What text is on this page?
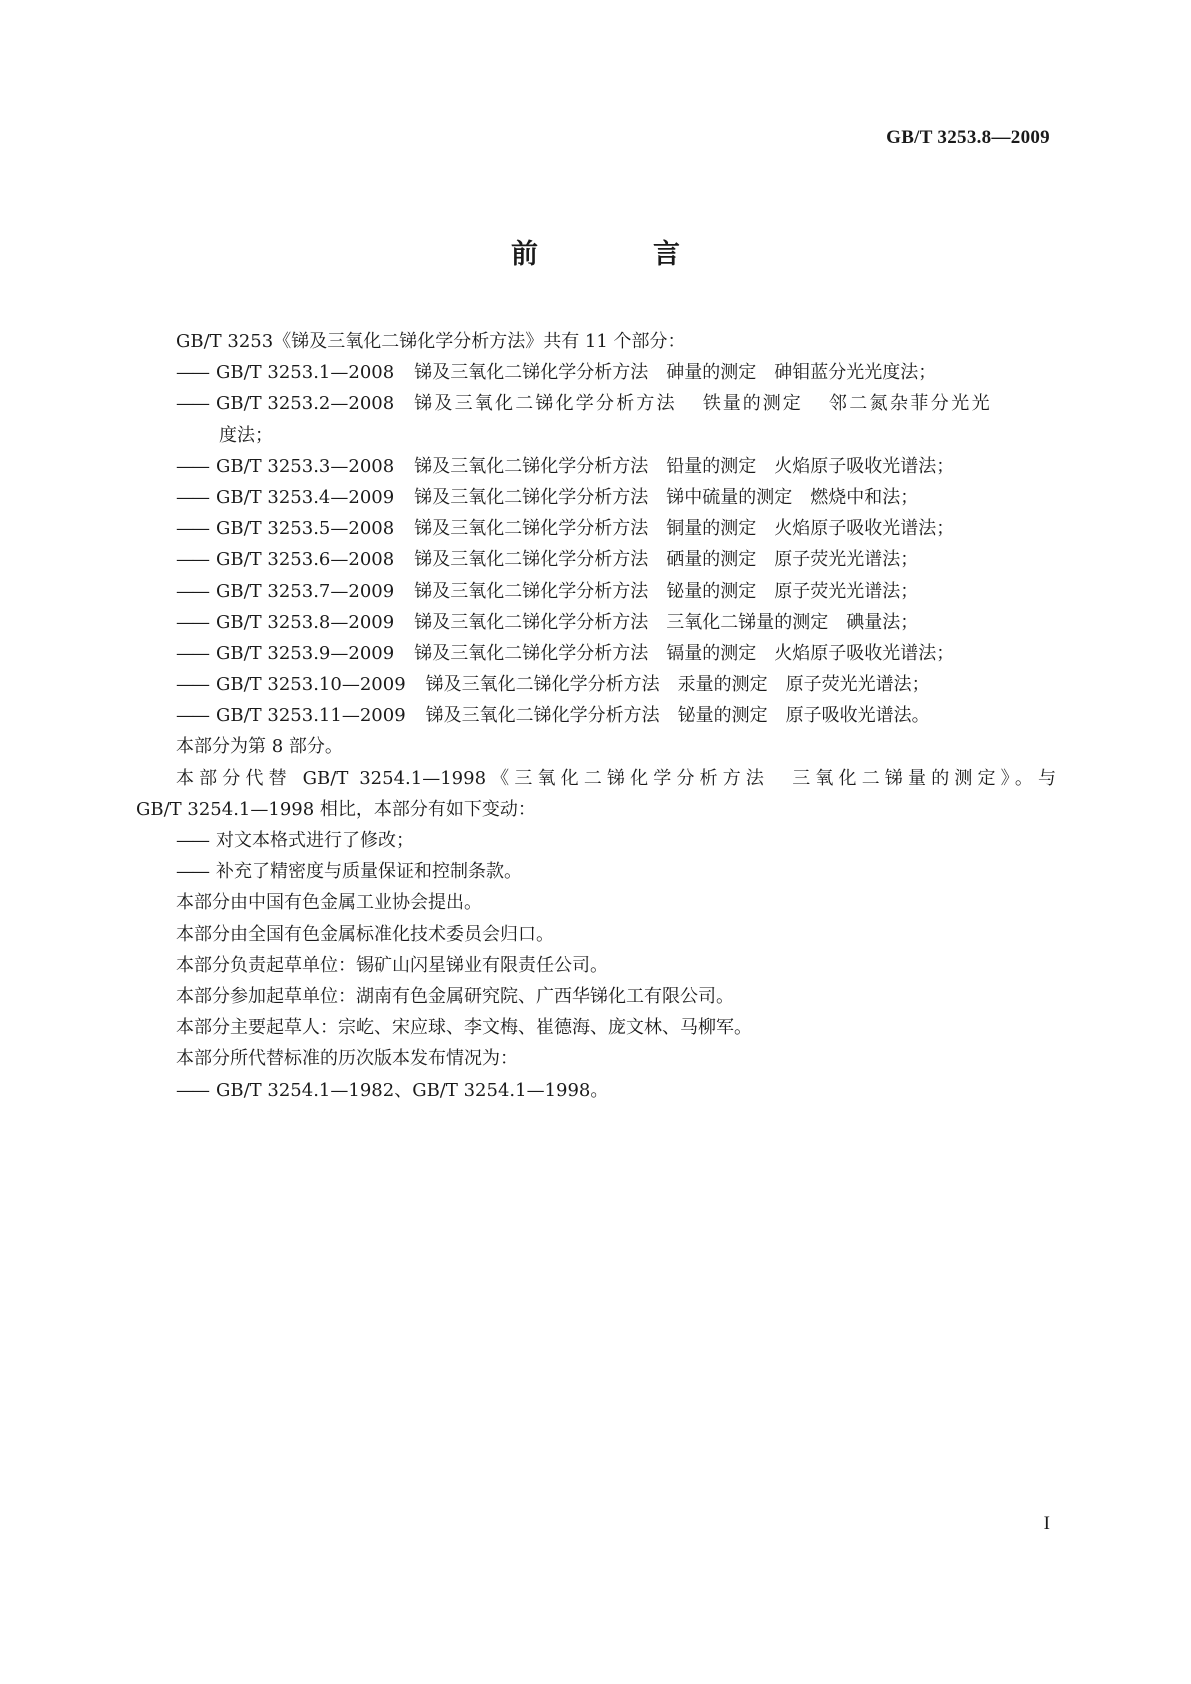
GB/T 3253.8—2009
前　言
GB/T 3253《锑及三氧化二锑化学分析方法》共有 11 个部分：
—— GB/T 3253.1—2008 锑及三氧化二锑化学分析方法 砷量的测定 砷钼蓝分光光度法；
—— GB/T 3253.2—2008 锑及三氧化二锑化学分析方法 铁量的测定 邻二氮杂菲分光光
度法；
—— GB/T 3253.3—2008 锑及三氧化二锑化学分析方法 铅量的测定 火焰原子吸收光谱法；
—— GB/T 3253.4—2009 锑及三氧化二锑化学分析方法 锑中硫量的测定 燃烧中和法；
—— GB/T 3253.5—2008 锑及三氧化二锑化学分析方法 铜量的测定 火焰原子吸收光谱法；
—— GB/T 3253.6—2008 锑及三氧化二锑化学分析方法 硒量的测定 原子荧光光谱法；
—— GB/T 3253.7—2009 锑及三氧化二锑化学分析方法 铋量的测定 原子荧光光谱法；
—— GB/T 3253.8—2009 锑及三氧化二锑化学分析方法 三氧化二锑量的测定 碘量法；
—— GB/T 3253.9—2009 锑及三氧化二锑化学分析方法 镉量的测定 火焰原子吸收光谱法；
—— GB/T 3253.10—2009 锑及三氧化二锑化学分析方法 汞量的测定 原子荧光光谱法；
—— GB/T 3253.11—2009 锑及三氧化二锑化学分析方法 铋量的测定 原子吸收光谱法。
本部分为第 8 部分。
本部分代替 GB/T 3254.1—1998《三氧化二锑化学分析方法　三氧化二锑量的测定》。与
GB/T 3254.1—1998 相比，本部分有如下变动：
—— 对文本格式进行了修改；
—— 补充了精密度与质量保证和控制条款。
本部分由中国有色金属工业协会提出。
本部分由全国有色金属标准化技术委员会归口。
本部分负责起草单位：锡矿山闪星锑业有限责任公司。
本部分参加起草单位：湖南有色金属研究院、广西华锑化工有限公司。
本部分主要起草人：宗屹、宋应球、李文梅、崔德海、庞文林、马柳军。
本部分所代替标准的历次版本发布情况为：
—— GB/T 3254.1—1982、GB/T 3254.1—1998。
I
